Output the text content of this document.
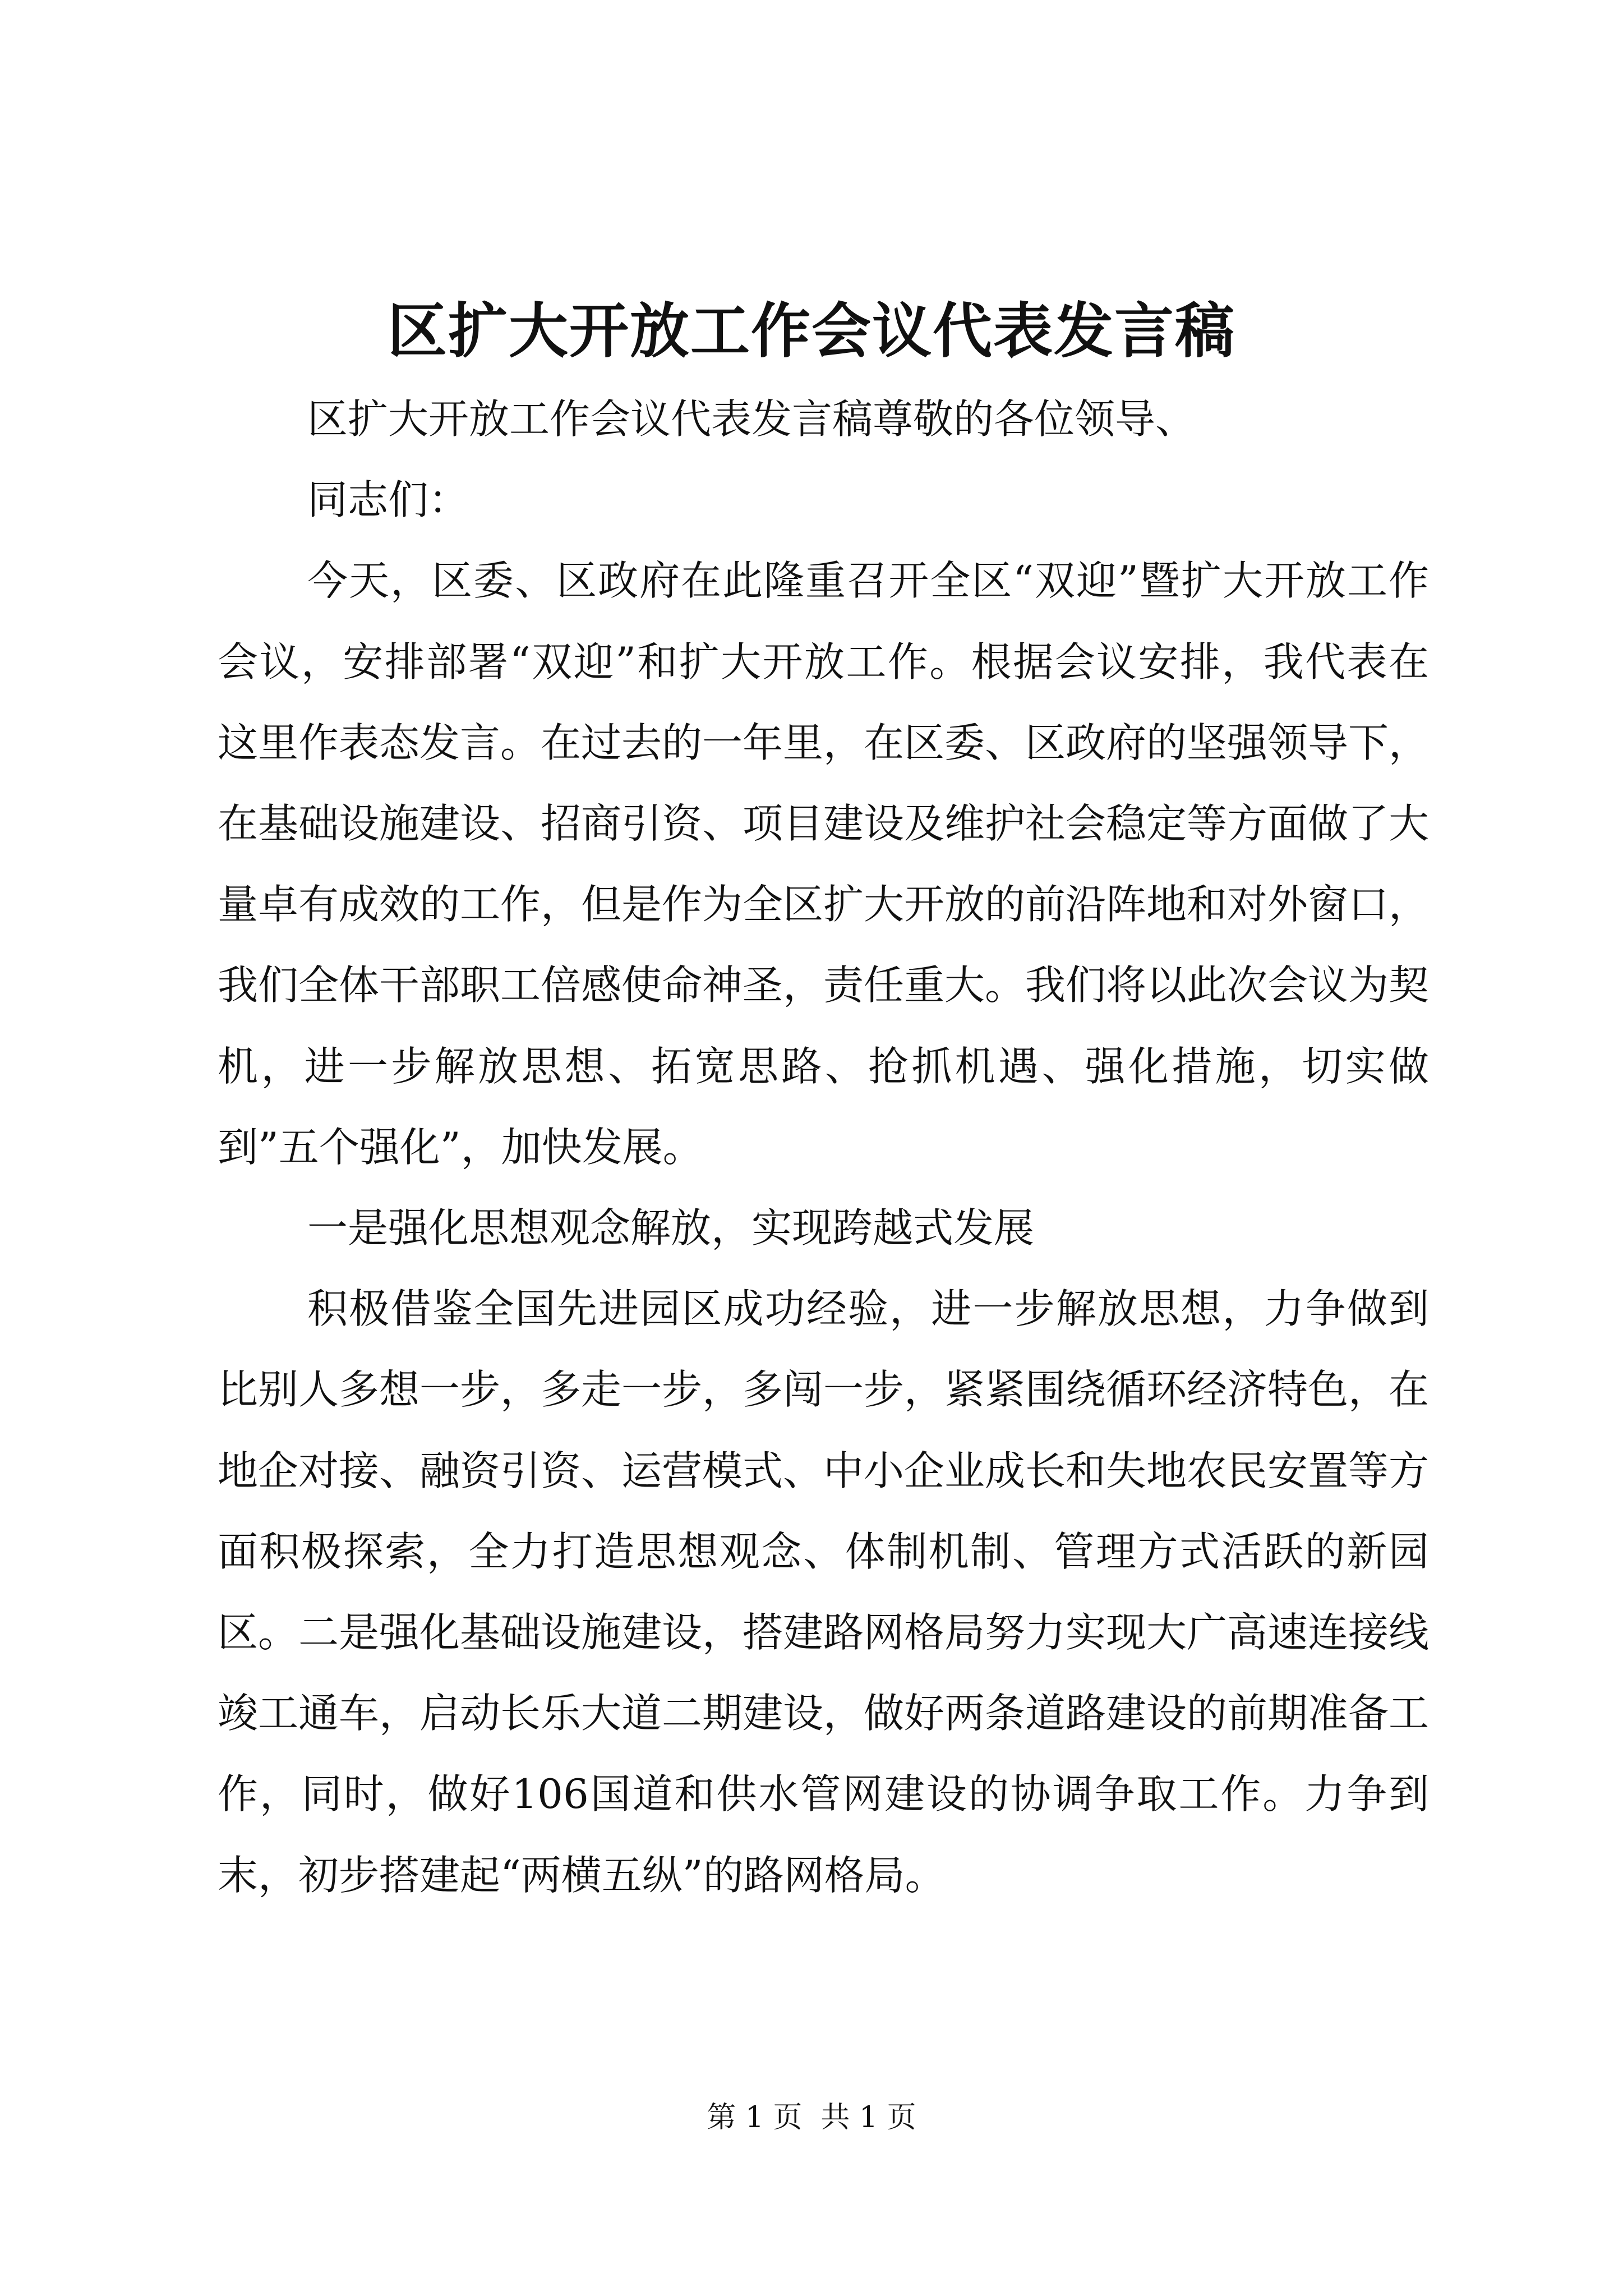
区扩大开放工作会议代表发言稿

区扩大开放工作会议代表发言稿尊敬的各位领导、

同志们：

今天，区委、区政府在此隆重召开全区“双迎”暨扩大开放工作会议，安排部署“双迎”和扩大开放工作。根据会议安排，我代表在这里作表态发言。在过去的一年里，在区委、区政府的坚强领导下，在基础设施建设、招商引资、项目建设及维护社会稳定等方面做了大量卓有成效的工作，但是作为全区扩大开放的前沿阵地和对外窗口，我们全体干部职工倍感使命神圣，责任重大。我们将以此次会议为契机，进一步解放思想、拓宽思路、抢抓机遇、强化措施，切实做到”五个强化”，加快发展。

一是强化思想观念解放，实现跨越式发展

积极借鉴全国先进园区成功经验，进一步解放思想，力争做到比别人多想一步，多走一步，多闯一步，紧紧围绕循环经济特色，在地企对接、融资引资、运营模式、中小企业成长和失地农民安置等方面积极探索，全力打造思想观念、体制机制、管理方式活跃的新园区。二是强化基础设施建设，搭建路网格局努力实现大广高速连接线竣工通车，启动长乐大道二期建设，做好两条道路建设的前期准备工作，同时，做好106国道和供水管网建设的协调争取工作。力争到末，初步搭建起“两横五纵”的路网格局。

第 1 页  共 1 页
